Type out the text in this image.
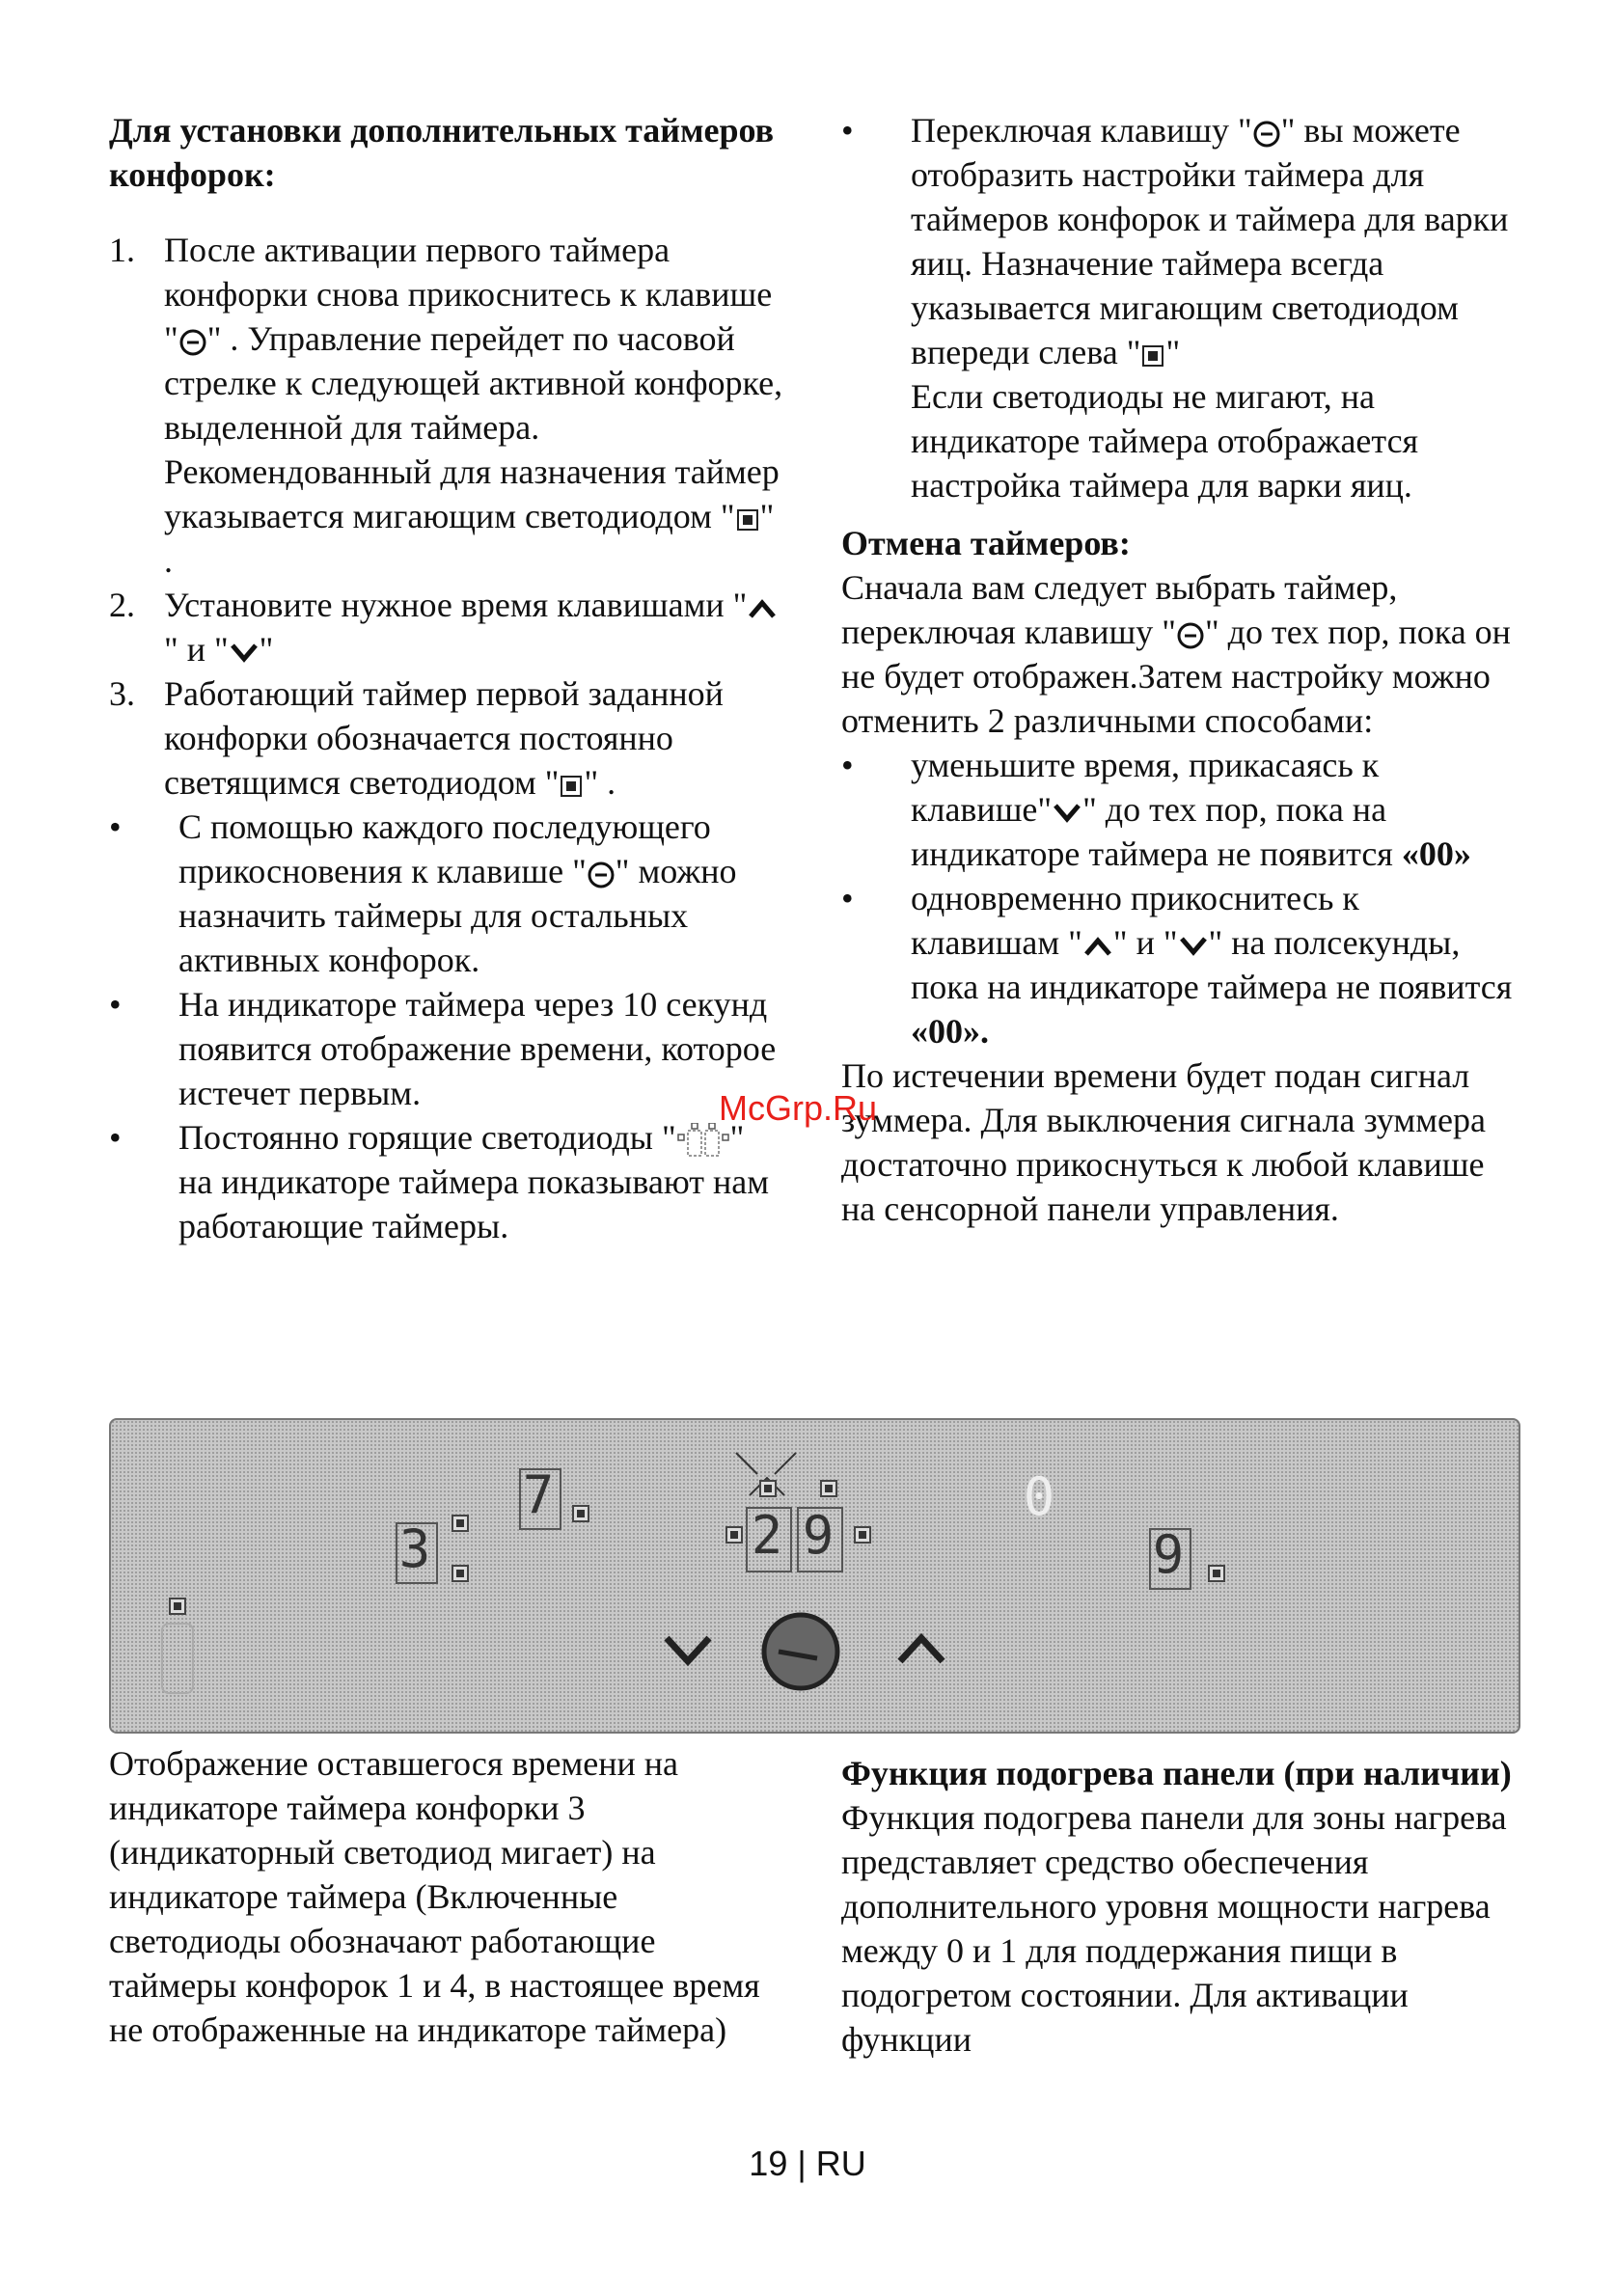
Для установки дополнительных таймеров конфорок:
1. После активации первого таймера конфорки снова прикоснитесь к клавише " " . Управление перейдет по часовой стрелке к следующей активной конфорке, выделенной для таймера. Рекомендованный для назначения таймер указывается мигающим светодиодом " " .
2. Установите нужное время клавишами "" и " "
3. Работающий таймер первой заданной конфорки обозначается постоянно светящимся светодиодом " " .
• С помощью каждого последующего прикосновения к клавише " " можно назначить таймеры для остальных активных конфорок.
• На индикаторе таймера через 10 секунд появится отображение времени, которое истечет первым.
• Постоянно горящие светодиоды " " на индикаторе таймера показывают нам работающие таймеры.
• Переключая клавишу " " вы можете отобразить настройки таймера для таймеров конфорок и таймера для варки яиц. Назначение таймера всегда указывается мигающим светодиодом впереди слева " "
Если светодиоды не мигают, на индикаторе таймера отображается настройка таймера для варки яиц.
Отмена таймеров:
Сначала вам следует выбрать таймер, переключая клавишу " " до тех пор, пока он не будет отображен.Затем настройку можно отменить 2 различными способами:
• уменьшите время, прикасаясь к клавише" " до тех пор, пока на индикаторе таймера не появится «00»
• одновременно прикоснитесь к клавишам " " и " " на полсекунды, пока на индикаторе таймера не появится «00».
По истечении времени будет подан сигнал зуммера. Для выключения сигнала зуммера достаточно прикоснуться к любой клавише на сенсорной панели управления.
McGrp.Ru
3
7
2 9
0
9
Отображение оставшегося времени на индикаторе таймера конфорки 3 (индикаторный светодиод мигает) на индикаторе таймера (Включенные светодиоды обозначают работающие таймеры конфорок 1 и 4, в настоящее время не отображенные на индикаторе таймера)
Функция подогрева панели (при наличии)
Функция подогрева панели для зоны нагрева представляет средство обеспечения дополнительного уровня мощности нагрева между 0 и 1 для поддержания пищи в подогретом состоянии. Для активации функции
19 | RU
